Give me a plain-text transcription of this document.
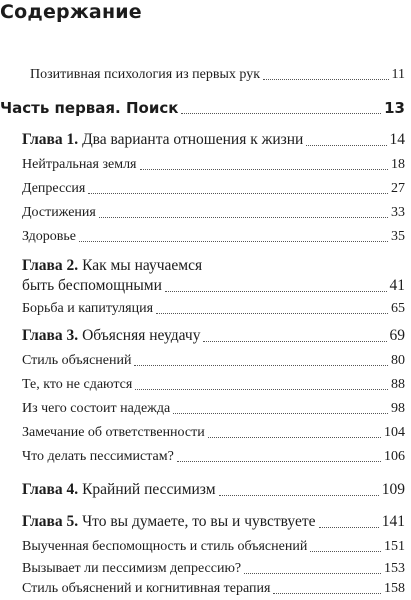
Содержание
Позитивная психология из первых рук	11
Часть первая. Поиск	13
Глава 1. Два варианта отношения к жизни	14
Нейтральная земля	18
Депрессия	27
Достижения	33
Здоровье	35
Глава 2. Как мы научаемся
быть беспомощными	41
Борьба и капитуляция	65
Глава 3. Объясняя неудачу	69
Стиль объяснений	80
Те, кто не сдаются	88
Из чего состоит надежда	98
Замечание об ответственности	104
Что делать пессимистам?	106
Глава 4. Крайний пессимизм	109
Глава 5. Что вы думаете, то вы и чувствуете	141
Выученная беспомощность и стиль объяснений	151
Вызывает ли пессимизм депрессию?	153
Стиль объяснений и когнитивная терапия	158
